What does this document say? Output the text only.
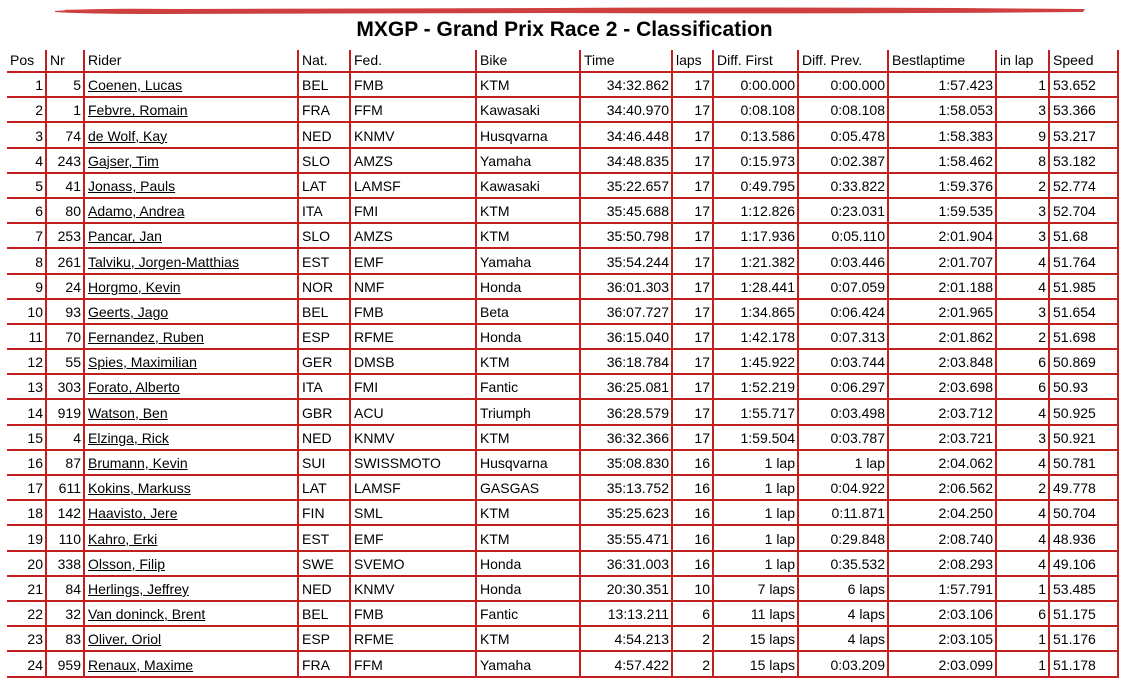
MXGP - Grand Prix Race 2 - Classification
Pos	Nr	Rider	Nat.	Fed.	Bike	Time	laps	Diff. First	Diff. Prev.	Bestlaptime	in lap	Speed
1	5	Coenen, Lucas	BEL	FMB	KTM	34:32.862	17	0:00.000	0:00.000	1:57.423	1	53.652
2	1	Febvre, Romain	FRA	FFM	Kawasaki	34:40.970	17	0:08.108	0:08.108	1:58.053	3	53.366
3	74	de Wolf, Kay	NED	KNMV	Husqvarna	34:46.448	17	0:13.586	0:05.478	1:58.383	9	53.217
4	243	Gajser, Tim	SLO	AMZS	Yamaha	34:48.835	17	0:15.973	0:02.387	1:58.462	8	53.182
5	41	Jonass, Pauls	LAT	LAMSF	Kawasaki	35:22.657	17	0:49.795	0:33.822	1:59.376	2	52.774
6	80	Adamo, Andrea	ITA	FMI	KTM	35:45.688	17	1:12.826	0:23.031	1:59.535	3	52.704
7	253	Pancar, Jan	SLO	AMZS	KTM	35:50.798	17	1:17.936	0:05.110	2:01.904	3	51.68
8	261	Talviku, Jorgen-Matthias	EST	EMF	Yamaha	35:54.244	17	1:21.382	0:03.446	2:01.707	4	51.764
9	24	Horgmo, Kevin	NOR	NMF	Honda	36:01.303	17	1:28.441	0:07.059	2:01.188	4	51.985
10	93	Geerts, Jago	BEL	FMB	Beta	36:07.727	17	1:34.865	0:06.424	2:01.965	3	51.654
11	70	Fernandez, Ruben	ESP	RFME	Honda	36:15.040	17	1:42.178	0:07.313	2:01.862	2	51.698
12	55	Spies, Maximilian	GER	DMSB	KTM	36:18.784	17	1:45.922	0:03.744	2:03.848	6	50.869
13	303	Forato, Alberto	ITA	FMI	Fantic	36:25.081	17	1:52.219	0:06.297	2:03.698	6	50.93
14	919	Watson, Ben	GBR	ACU	Triumph	36:28.579	17	1:55.717	0:03.498	2:03.712	4	50.925
15	4	Elzinga, Rick	NED	KNMV	KTM	36:32.366	17	1:59.504	0:03.787	2:03.721	3	50.921
16	87	Brumann, Kevin	SUI	SWISSMOTO	Husqvarna	35:08.830	16	1 lap	1 lap	2:04.062	4	50.781
17	611	Kokins, Markuss	LAT	LAMSF	GASGAS	35:13.752	16	1 lap	0:04.922	2:06.562	2	49.778
18	142	Haavisto, Jere	FIN	SML	KTM	35:25.623	16	1 lap	0:11.871	2:04.250	4	50.704
19	110	Kahro, Erki	EST	EMF	KTM	35:55.471	16	1 lap	0:29.848	2:08.740	4	48.936
20	338	Olsson, Filip	SWE	SVEMO	Honda	36:31.003	16	1 lap	0:35.532	2:08.293	4	49.106
21	84	Herlings, Jeffrey	NED	KNMV	Honda	20:30.351	10	7 laps	6 laps	1:57.791	1	53.485
22	32	Van doninck, Brent	BEL	FMB	Fantic	13:13.211	6	11 laps	4 laps	2:03.106	6	51.175
23	83	Oliver, Oriol	ESP	RFME	KTM	4:54.213	2	15 laps	4 laps	2:03.105	1	51.176
24	959	Renaux, Maxime	FRA	FFM	Yamaha	4:57.422	2	15 laps	0:03.209	2:03.099	1	51.178
